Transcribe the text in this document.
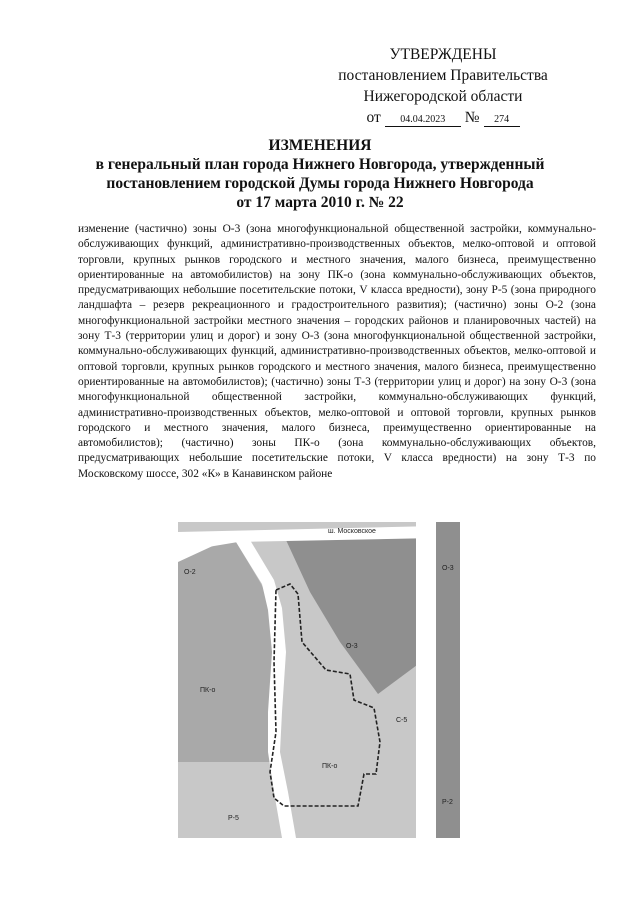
УТВЕРЖДЕНЫ
постановлением Правительства
Нижегородской области
от	04.04.2023	№	274
ИЗМЕНЕНИЯ
в генеральный план города Нижнего Новгорода, утвержденный
постановлением городской Думы города Нижнего Новгорода
от 17 марта 2010 г. № 22
изменение (частично) зоны О-3 (зона многофункциональной общественной застройки, коммунально-обслуживающих функций, административно-производственных объектов, мелко-оптовой и оптовой торговли, крупных рынков городского и местного значения, малого бизнеса, преимущественно ориентированные на автомобилистов) на зону ПК-о (зона коммунально-обслуживающих объектов, предусматривающих небольшие посетительские потоки, V класса вредности), зону Р-5 (зона природного ландшафта – резерв рекреационного и градостроительного развития); (частично) зоны О-2 (зона многофункциональной застройки местного значения – городских районов и планировочных частей) на зону Т-3 (территории улиц и дорог) и зону О-3 (зона многофункциональной общественной застройки, коммунально-обслуживающих функций, административно-производственных объектов, мелко-оптовой и оптовой торговли, крупных рынков городского и местного значения, малого бизнеса, преимущественно ориентированные на автомобилистов); (частично) зоны Т-3 (территории улиц и дорог) на зону О-3 (зона многофункциональной общественной застройки, коммунально-обслуживающих функций, административно-производственных объектов, мелко-оптовой и оптовой торговли, крупных рынков городского и местного значения, малого бизнеса, преимущественно ориентированные на автомобилистов); (частично) зоны ПК-о (зона коммунально-обслуживающих объектов, предусматривающих небольшие посетительские потоки, V класса вредности) на зону Т-3 по Московскому шоссе, 302 «К» в Канавинском районе
ш. Московское
О-3
О-2
О-3
ПК-о
С-5
ПК-о
Р-2
Р-5
